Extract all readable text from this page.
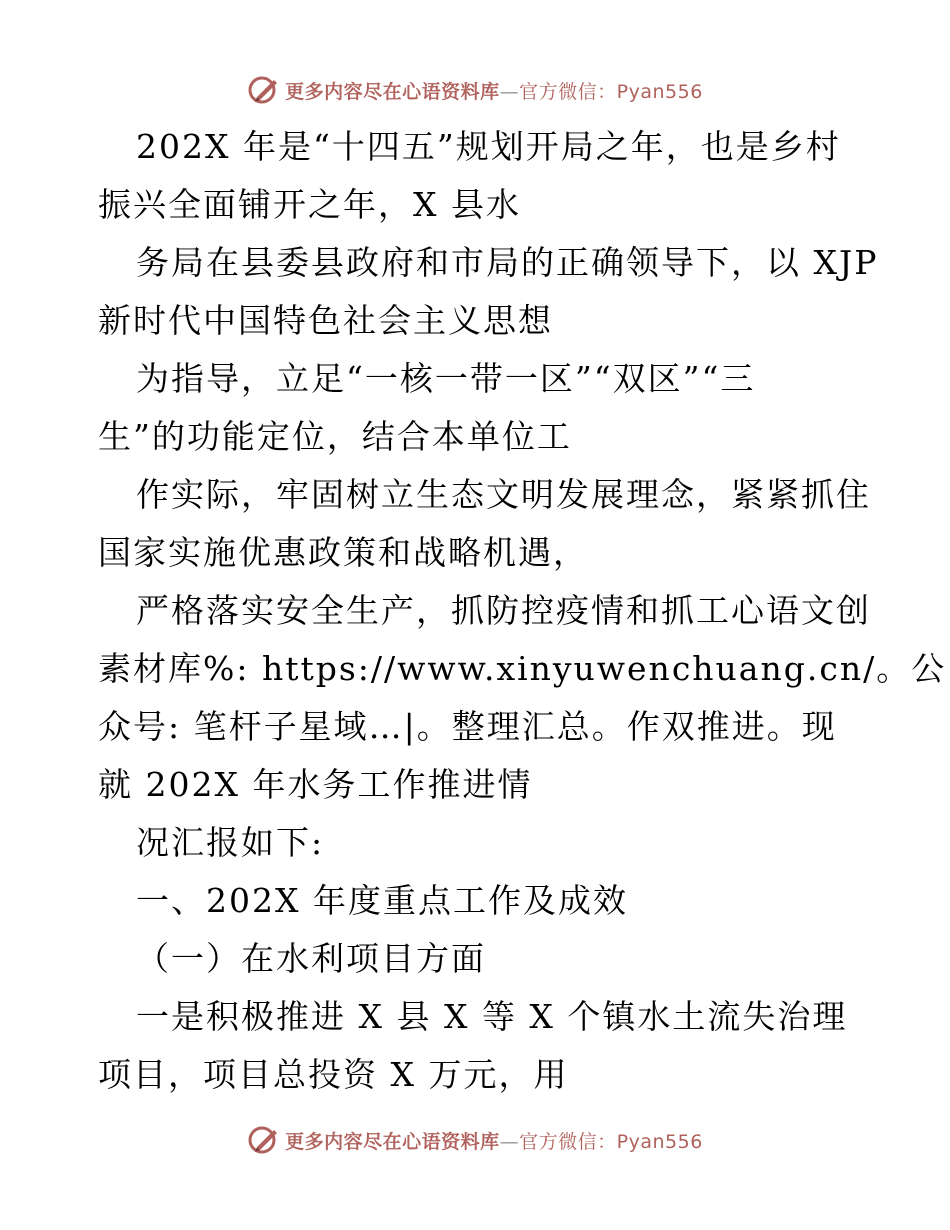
更多内容尽在心语资料库—官方微信：Pyan556
202X 年是“十四五”规划开局之年，也是乡村
振兴全面铺开之年，X 县水
务局在县委县政府和市局的正确领导下，以 XJP
新时代中国特色社会主义思想
为指导，立足“一核一带一区”“双区”“三
生”的功能定位，结合本单位工
作实际，牢固树立生态文明发展理念，紧紧抓住
国家实施优惠政策和战略机遇，
严格落实安全生产，抓防控疫情和抓工心语文创
素材库%: https://www.xinyuwenchuang.cn/。公
众号: 笔杆子星域…|。整理汇总。作双推进。现
就 202X 年水务工作推进情
况汇报如下:
一、202X 年度重点工作及成效
（一）在水利项目方面
一是积极推进 X 县 X 等 X 个镇水土流失治理
项目，项目总投资 X 万元，用
更多内容尽在心语资料库—官方微信：Pyan556
